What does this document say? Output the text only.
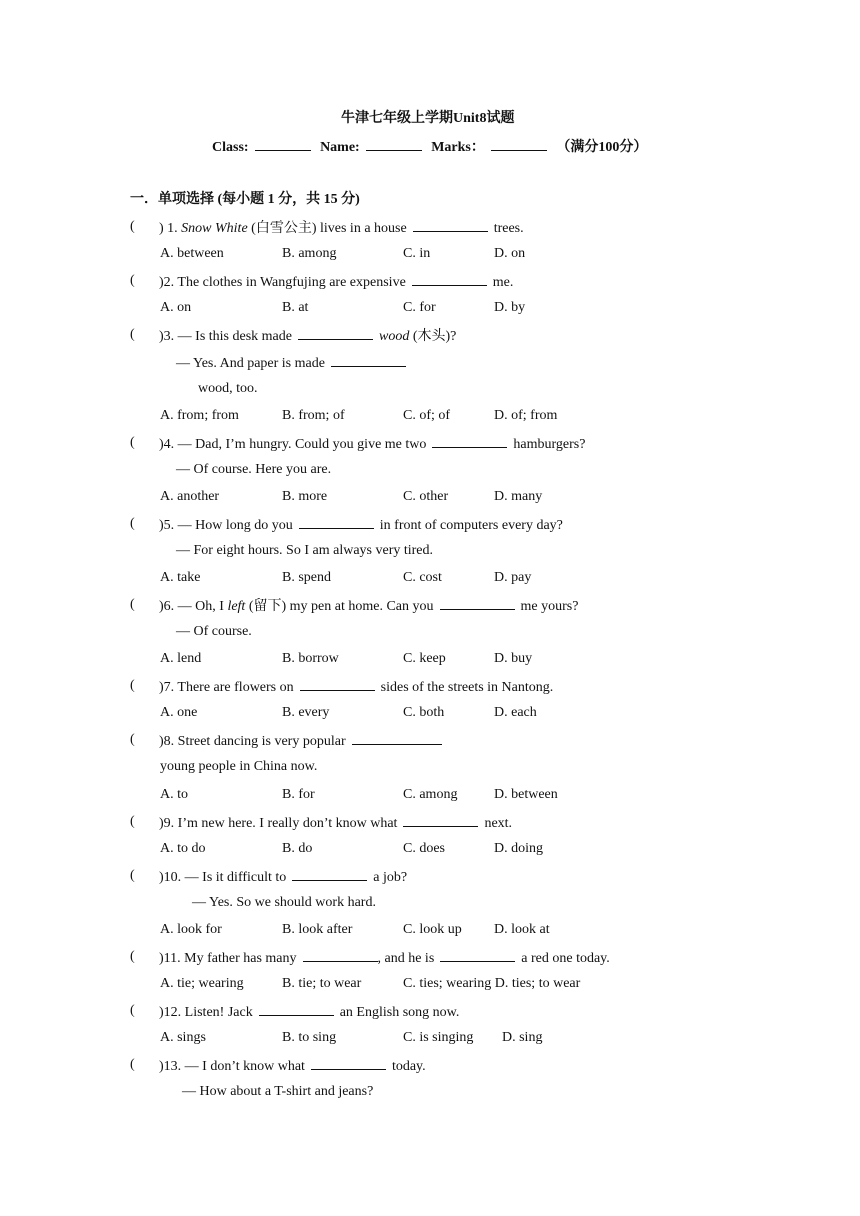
牛津七年级上学期Unit8试题
Class:	Name:	Marks：	（满分100分）
一．单项选择 (每小题 1 分，共 15 分)
( ) 1. Snow White (白雪公主) lives in a house	trees.
A. between	B. among	C. in	D. on
( )2. The clothes in Wangfujing are expensive	me.
A. on	B. at	C. for	D. by
( )3. — Is this desk made	wood (木头)?
— Yes. And paper is made
wood, too.
A. from; from	B. from; of	C. of; of	D. of; from
( )4. — Dad, I’m hungry. Could you give me two	hamburgers?
— Of course. Here you are.
A. another	B. more	C. other	D. many
( )5. — How long do you	in front of computers every day?
— For eight hours. So I am always very tired.
A. take	B. spend	C. cost	D. pay
( )6. — Oh, I left (留下) my pen at home. Can you	me yours?
— Of course.
A. lend	B. borrow	C. keep	D. buy
( )7. There are flowers on	sides of the streets in Nantong.
A. one	B. every	C. both	D. each
( )8. Street dancing is very popular
young people in China now.
A. to	B. for	C. among	D. between
( )9. I’m new here. I really don’t know what	next.
A. to do	B. do	C. does	D. doing
( )10. — Is it difficult to	a job?
— Yes. So we should work hard.
A. look for	B. look after	C. look up D. look at
( )11. My father has many	, and he is	a red one today.
A. tie; wearing	B. tie; to wear	C. ties; wearing D. ties; to wear
( )12. Listen! Jack	an English song now.
A. sings	B. to sing	C. is singing D. sing
( )13. — I don’t know what	today.
— How about a T-shirt and jeans?
